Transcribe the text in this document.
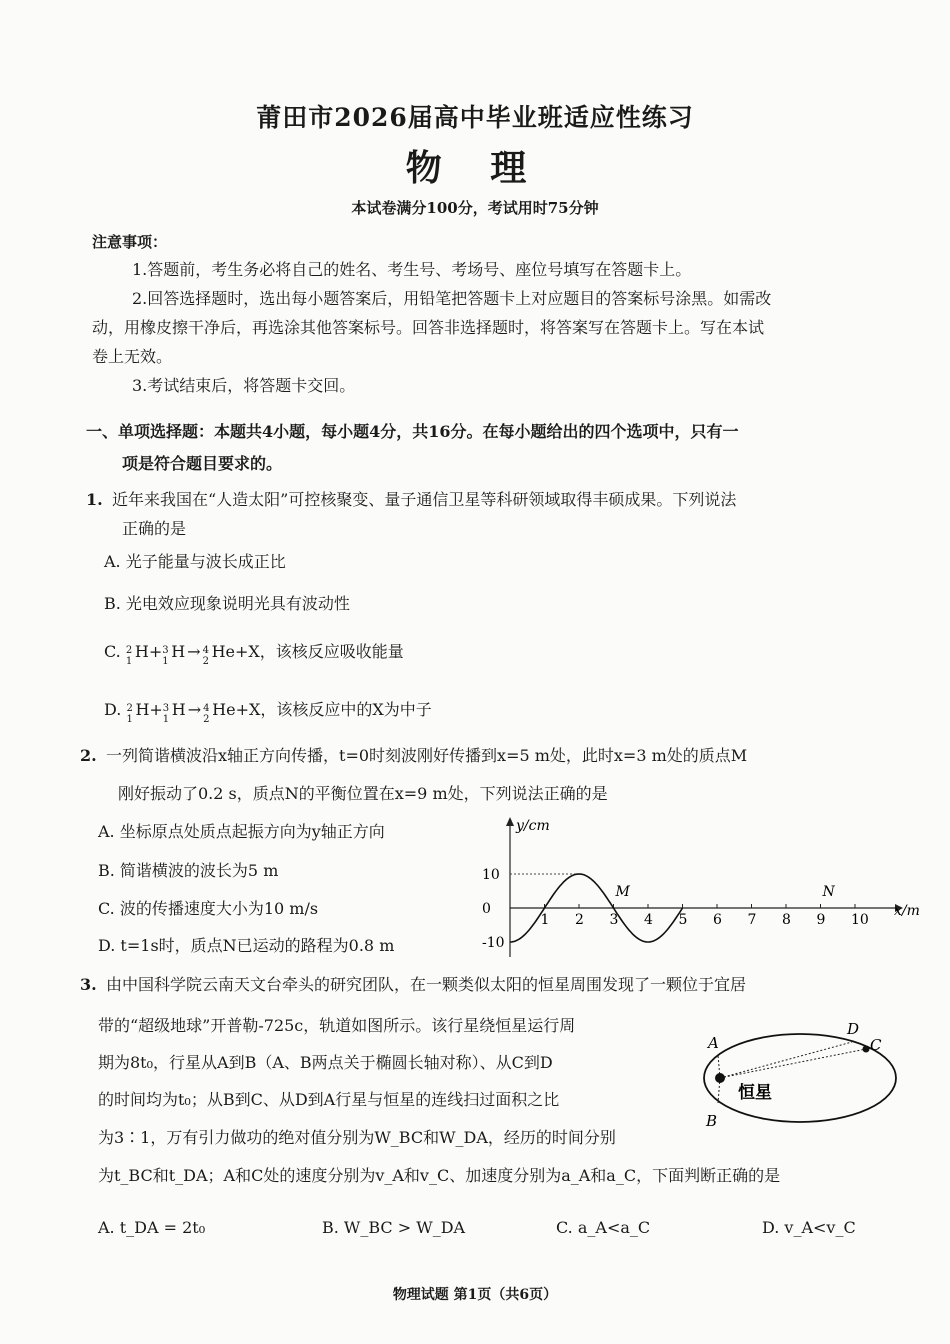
莆田市2026届高中毕业班适应性练习
物 理
本试卷满分100分，考试用时75分钟
注意事项：
1.答题前，考生务必将自己的姓名、考生号、考场号、座位号填写在答题卡上。
2.回答选择题时，选出每小题答案后，用铅笔把答题卡上对应题目的答案标号涂黑。如需改
动，用橡皮擦干净后，再选涂其他答案标号。回答非选择题时，将答案写在答题卡上。写在本试
卷上无效。
3.考试结束后，将答题卡交回。
一、单项选择题：本题共4小题，每小题4分，共16分。在每小题给出的四个选项中，只有一
项是符合题目要求的。
1. 近年来我国在“人造太阳”可控核聚变、量子通信卫星等科研领域取得丰硕成果。下列说法
正确的是
A. 光子能量与波长成正比
B. 光电效应现象说明光具有波动性
C. 2
1 H+ 3
1 H → 4
2 He+X，该核反应吸收能量
D. 2
1 H+ 3
1 H → 4
2 He+X，该核反应中的X为中子
2. 一列简谐横波沿x轴正方向传播，t=0时刻波刚好传播到x=5 m处，此时x=3 m处的质点M
刚好振动了0.2 s，质点N的平衡位置在x=9 m处，下列说法正确的是
A. 坐标原点处质点起振方向为y轴正方向
B. 简谐横波的波长为5 m
C. 波的传播速度大小为10 m/s
D. t=1s时，质点N已运动的路程为0.8 m
y/cm
x/m
1 2 3 4 5 6 7 8 9 10
10
0
-10
M	N
3. 由中国科学院云南天文台牵头的研究团队，在一颗类似太阳的恒星周围发现了一颗位于宜居
带的“超级地球”开普勒-725c，轨道如图所示。该行星绕恒星运行周
期为8t₀，行星从A到B（A、B两点关于椭圆长轴对称）、从C到D
的时间均为t₀；从B到C、从D到A行星与恒星的连线扫过面积之比
为3∶1，万有引力做功的绝对值分别为W_BC和W_DA，经历的时间分别
为t_BC和t_DA；A和C处的速度分别为v_A和v_C、加速度分别为a_A和a_C，下面判断正确的是
A
B
C
D
恒星
A. t_DA = 2t₀	B. W_BC > W_DA	C. a_A<a_C	D. v_A<v_C
物理试题 第1页（共6页）
